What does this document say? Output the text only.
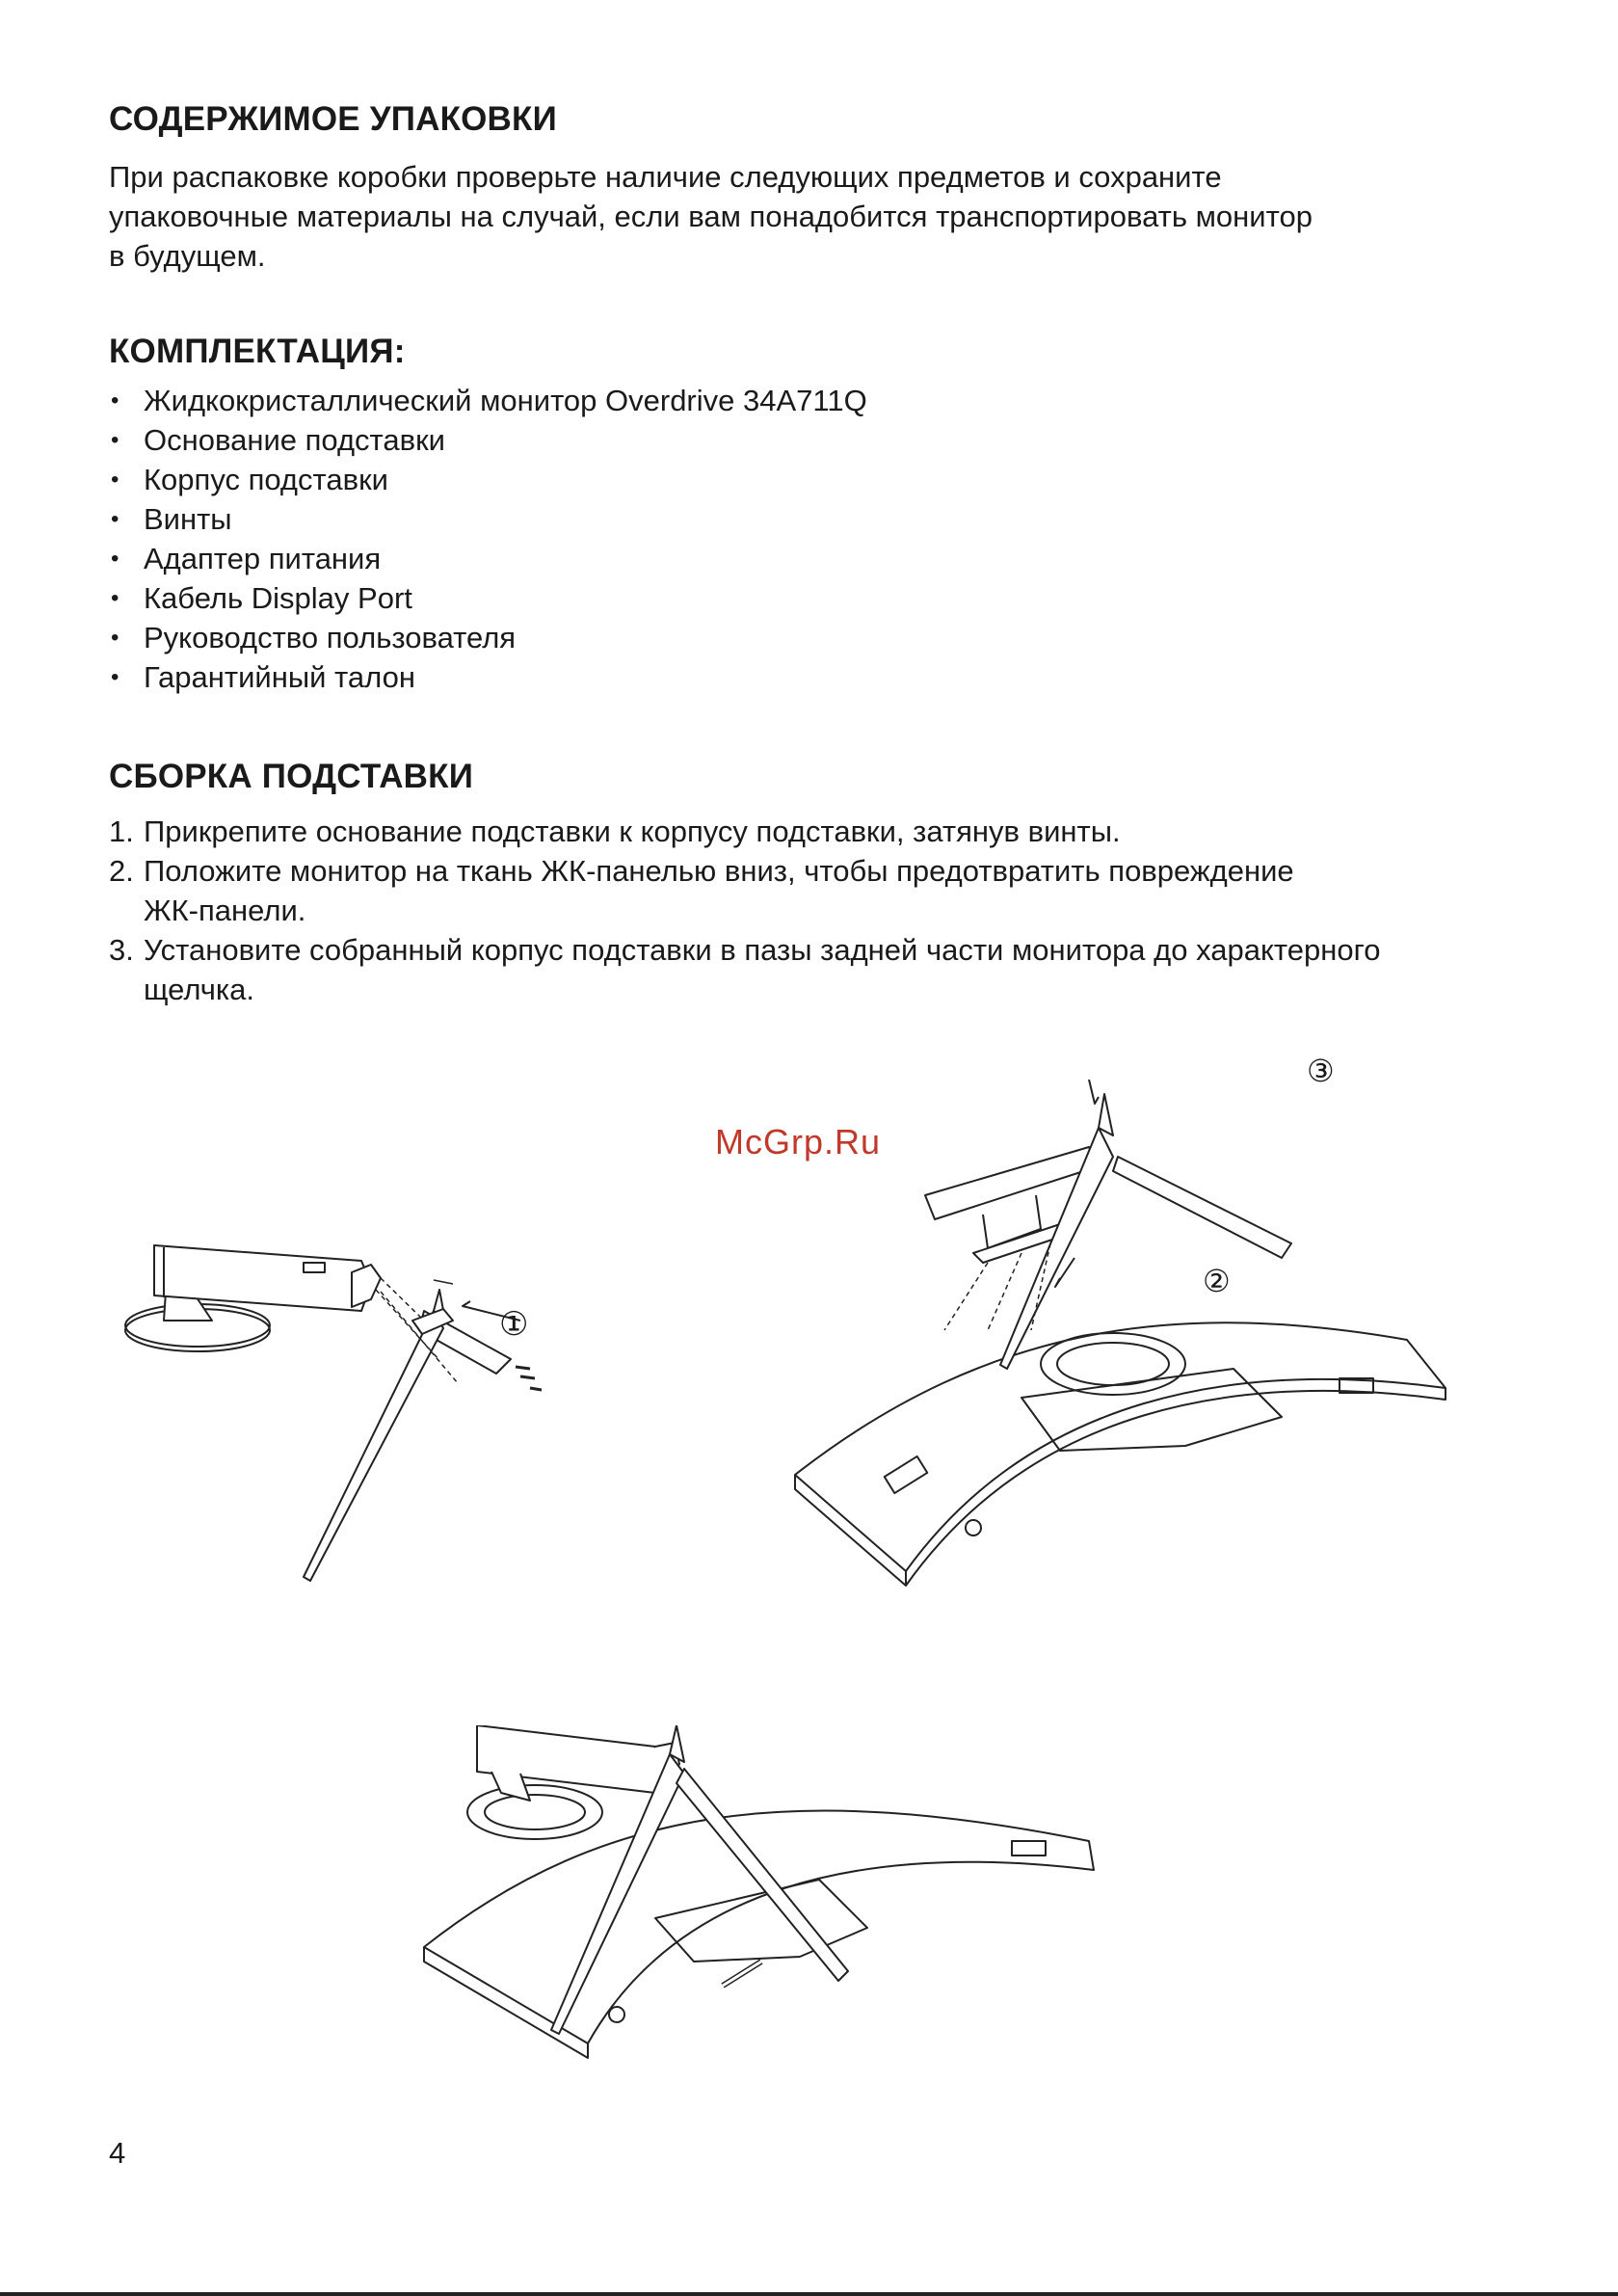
СОДЕРЖИМОЕ УПАКОВКИ
При распаковке коробки проверьте наличие следующих предметов и сохраните
упаковочные материалы на случай, если вам понадобится транспортировать монитор
в будущем.
КОМПЛЕКТАЦИЯ:
• Жидкокристаллический монитор Overdrive 34A711Q
• Основание подставки
• Корпус подставки
• Винты
• Адаптер питания
• Кабель Display Port
• Руководство пользователя
• Гарантийный талон
СБОРКА ПОДСТАВКИ
1. Прикрепите основание подставки к корпусу подставки, затянув винты.
2. Положите монитор на ткань ЖК-панелью вниз, чтобы предотвратить повреждение
ЖК-панели.
3. Установите собранный корпус подставки в пазы задней части монитора до характерного
щелчка.
McGrp.Ru
①
②
③
4
